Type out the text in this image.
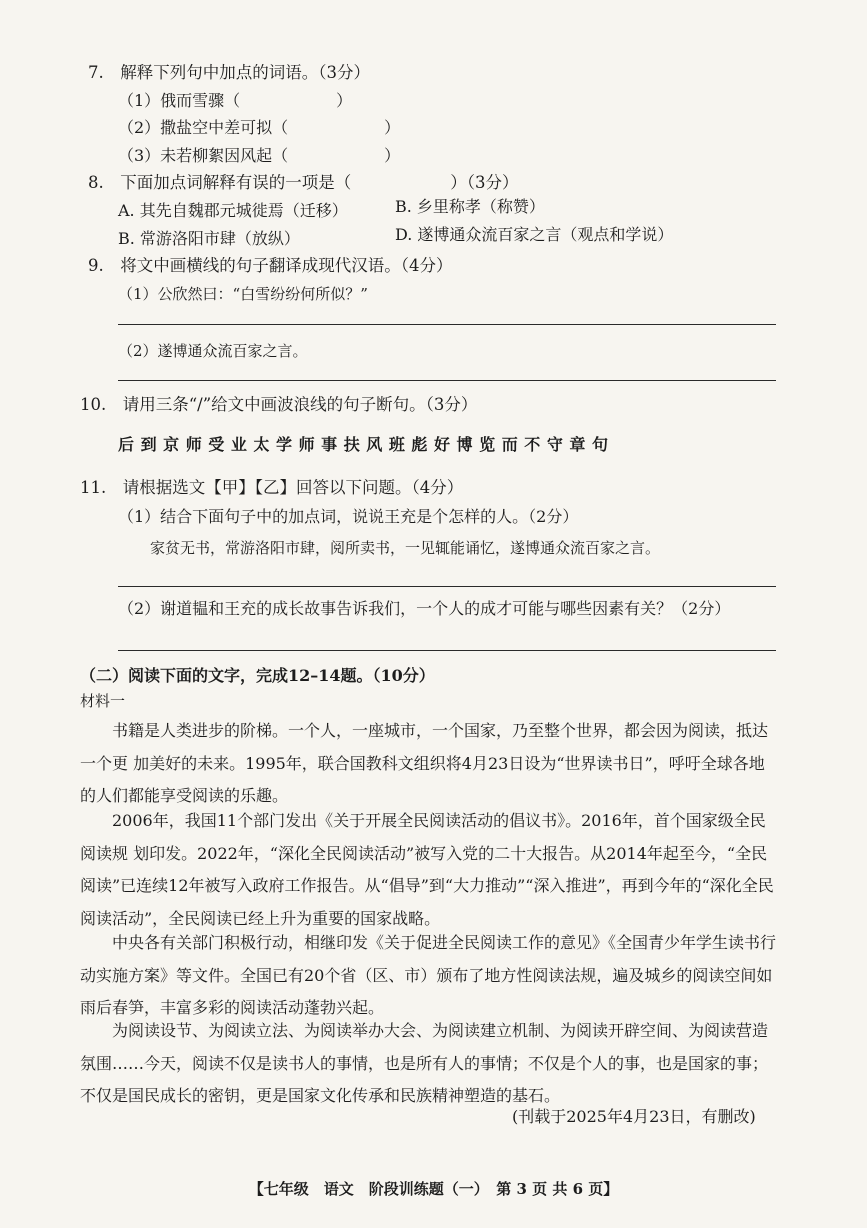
7.　解释下列句中加点的词语。（3分）
（1）俄而雪骤（　　　　　　）
（2）撒盐空中差可拟（　　　　　　）
（3）未若柳絮因风起（　　　　　　）
8.　下面加点词解释有误的一项是（　　　　　　）（3分）
A. 其先自魏郡元城徙焉（迁移）	B. 乡里称孝（称赞）
B. 常游洛阳市肆（放纵）	D. 遂博通众流百家之言（观点和学说）
9.　将文中画横线的句子翻译成现代汉语。（4分）
（1）公欣然曰：“白雪纷纷何所似？”
（2）遂博通众流百家之言。
10.　请用三条“/”给文中画波浪线的句子断句。（3分）
后 到 京 师 受 业 太 学 师 事 扶 风 班 彪 好 博 览 而 不 守 章 句
11.　请根据选文【甲】【乙】回答以下问题。（4分）
（1）结合下面句子中的加点词，说说王充是个怎样的人。（2分）
家贫无书，常游洛阳市肆，阅所卖书，一见辄能诵忆，遂博通众流百家之言。
（2）谢道韫和王充的成长故事告诉我们，一个人的成才可能与哪些因素有关？（2分）
（二）阅读下面的文字，完成12–14题。（10分）
材料一
书籍是人类进步的阶梯。一个人，一座城市，一个国家，乃至整个世界，都会因为阅读，抵达一个更 加美好的未来。1995年，联合国教科文组织将4月23日设为“世界读书日”，呼吁全球各地的人们都能享受阅读的乐趣。
2006年，我国11个部门发出《关于开展全民阅读活动的倡议书》。2016年，首个国家级全民阅读规 划印发。2022年，“深化全民阅读活动”被写入党的二十大报告。从2014年起至今，“全民阅读”已连续12年被写入政府工作报告。从“倡导”到“大力推动”“深入推进”，再到今年的“深化全民阅读活动”，全民阅读已经上升为重要的国家战略。
中央各有关部门积极行动，相继印发《关于促进全民阅读工作的意见》《全国青少年学生读书行动实施方案》等文件。全国已有20个省（区、市）颁布了地方性阅读法规，遍及城乡的阅读空间如雨后春笋，丰富多彩的阅读活动蓬勃兴起。
为阅读设节、为阅读立法、为阅读举办大会、为阅读建立机制、为阅读开辟空间、为阅读营造氛围……今天，阅读不仅是读书人的事情，也是所有人的事情；不仅是个人的事，也是国家的事；不仅是国民成长的密钥，更是国家文化传承和民族精神塑造的基石。
(刊载于2025年4月23日，有删改)
【七年级　语文　阶段训练题（一）　第 3 页 共 6 页】
